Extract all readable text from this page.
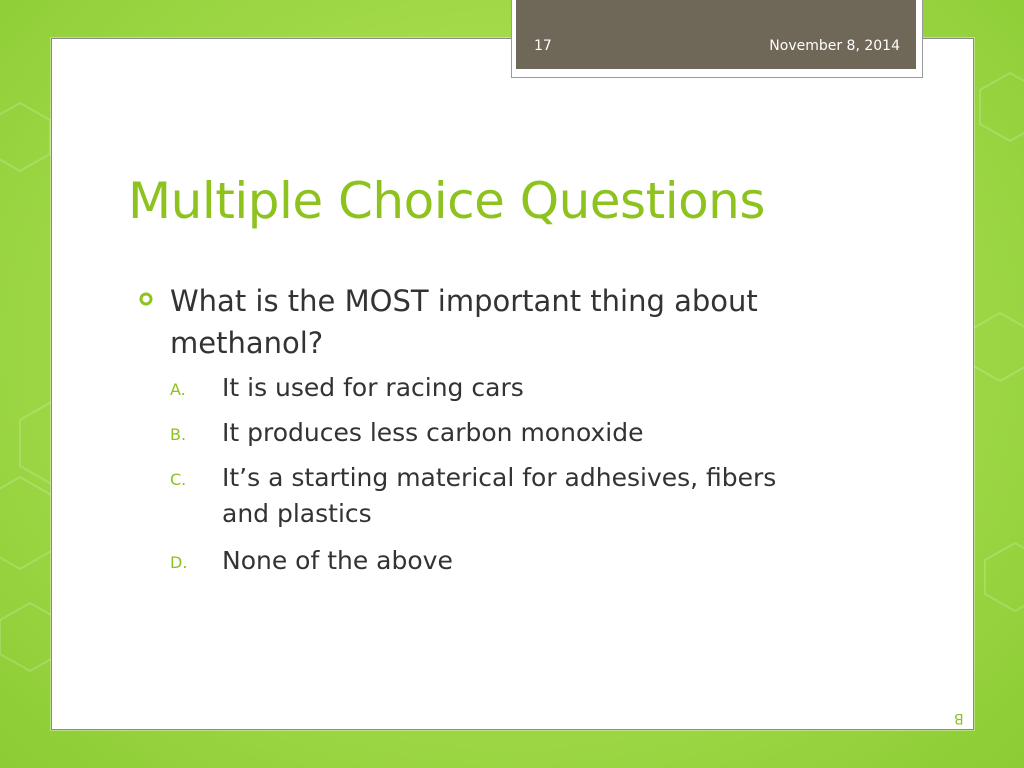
17	November 8, 2014
Multiple Choice Questions
What is the MOST important thing about methanol?
A. It is used for racing cars
B. It produces less carbon monoxide
C. It’s a starting materical for adhesives, fibers and plastics
D. None of the above
B
